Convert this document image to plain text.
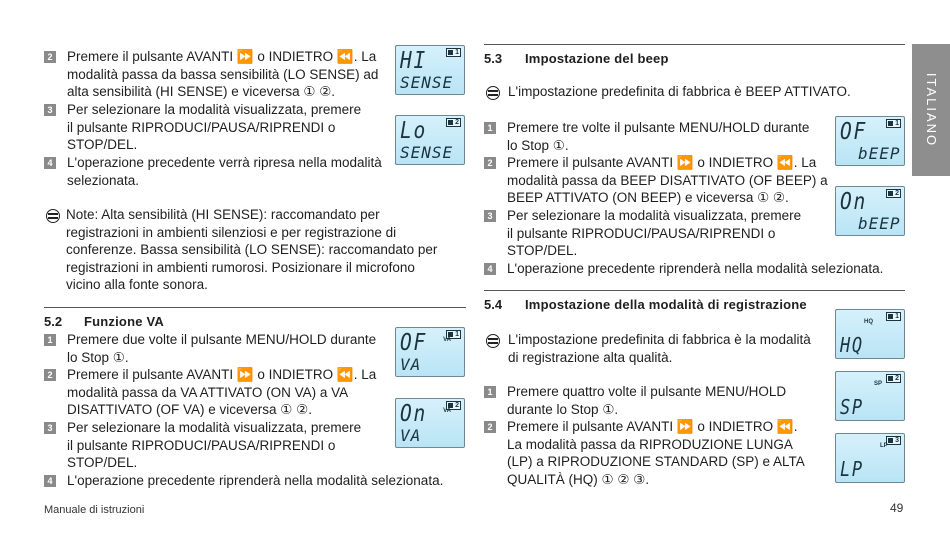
ITALIANO
2 Premere il pulsante AVANTI ⏩ o INDIETRO ⏪. La
modalità passa da bassa sensibilità (LO SENSE) ad
alta sensibilità (HI SENSE) e viceversa ① ②.
3 Per selezionare la modalità visualizzata, premere
il pulsante RIPRODUCI/PAUSA/RIPRENDI o
STOP/DEL.
4 L'operazione precedente verrà ripresa nella modalità
selezionata.
Note: Alta sensibilità (HI SENSE): raccomandato per
registrazioni in ambienti silenziosi e per registrazione di
conferenze. Bassa sensibilità (LO SENSE): raccomandato per
registrazioni in ambienti rumorosi. Posizionare il microfono
vicino alla fonte sonora.
5.2 Funzione VA
1 Premere due volte il pulsante MENU/HOLD durante
lo Stop ①.
2 Premere il pulsante AVANTI ⏩ o INDIETRO ⏪. La
modalità passa da VA ATTIVATO (ON VA) a VA
DISATTIVATO (OF VA) e viceversa ① ②.
3 Per selezionare la modalità visualizzata, premere
il pulsante RIPRODUCI/PAUSA/RIPRENDI o
STOP/DEL.
4 L'operazione precedente riprenderà nella modalità selezionata.
1
HI
SENSE
2
Lo
SENSE
1
VA
OF
VA
2
VA
On
VA
5.3 Impostazione del beep
L'impostazione predefinita di fabbrica è BEEP ATTIVATO.
1 Premere tre volte il pulsante MENU/HOLD durante
lo Stop ①.
2 Premere il pulsante AVANTI ⏩ o INDIETRO ⏪. La
modalità passa da BEEP DISATTIVATO (OF BEEP) a
BEEP ATTIVATO (ON BEEP) e viceversa ① ②.
3 Per selezionare la modalità visualizzata, premere
il pulsante RIPRODUCI/PAUSA/RIPRENDI o
STOP/DEL.
4 L'operazione precedente riprenderà nella modalità selezionata.
5.4 Impostazione della modalità di registrazione
L'impostazione predefinita di fabbrica è la modalità
di registrazione alta qualità.
1 Premere quattro volte il pulsante MENU/HOLD
durante lo Stop ①.
2 Premere il pulsante AVANTI ⏩ o INDIETRO ⏪.
La modalità passa da RIPRODUZIONE LUNGA
(LP) a RIPRODUZIONE STANDARD (SP) e ALTA
QUALITÀ (HQ) ① ② ③.
1
OF
bEEP
2
On
bEEP
1
HQ
HQ
2
SP
SP
3
LP
LP
Manuale di istruzioni	49
